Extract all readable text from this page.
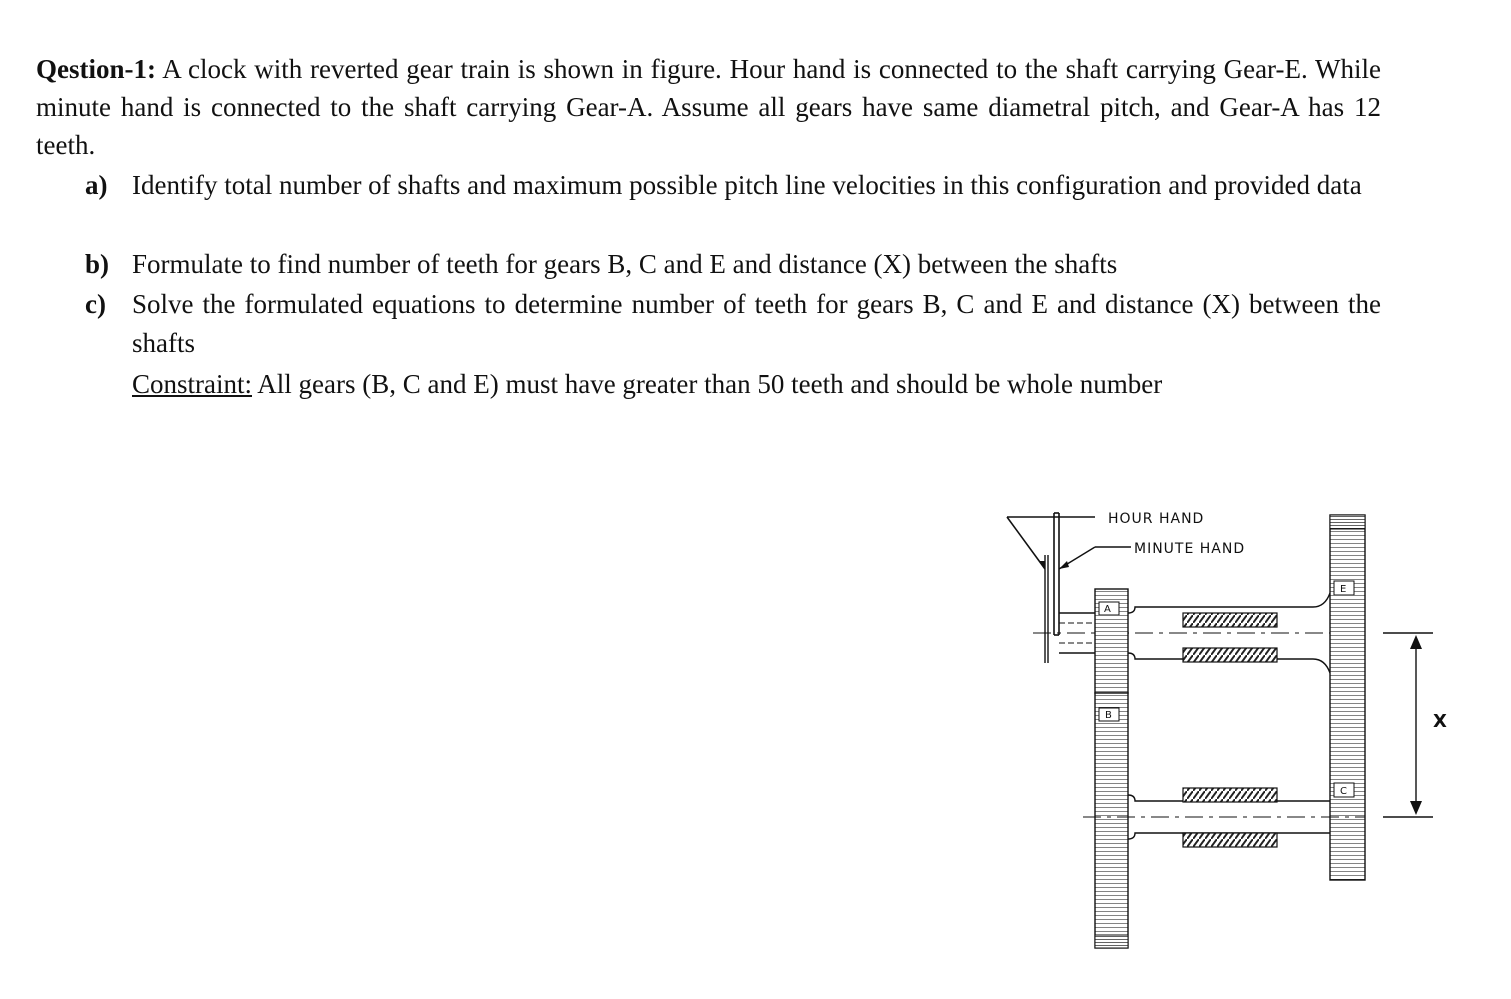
Qestion-1: A clock with reverted gear train is shown in figure. Hour hand is connected to the shaft carrying Gear-E. While minute hand is connected to the shaft carrying Gear-A. Assume all gears have same diametral pitch, and Gear-A has 12 teeth.

a) Identify total number of shafts and maximum possible pitch line velocities in this configuration and provided data
b) Formulate to find number of teeth for gears B, C and E and distance (X) between the shafts
c) Solve the formulated equations to determine number of teeth for gears B, C and E and distance (X) between the shafts
Constraint: All gears (B, C and E) must have greater than 50 teeth and should be whole number
A
B
E
C
X
HOUR HAND
MINUTE HAND
